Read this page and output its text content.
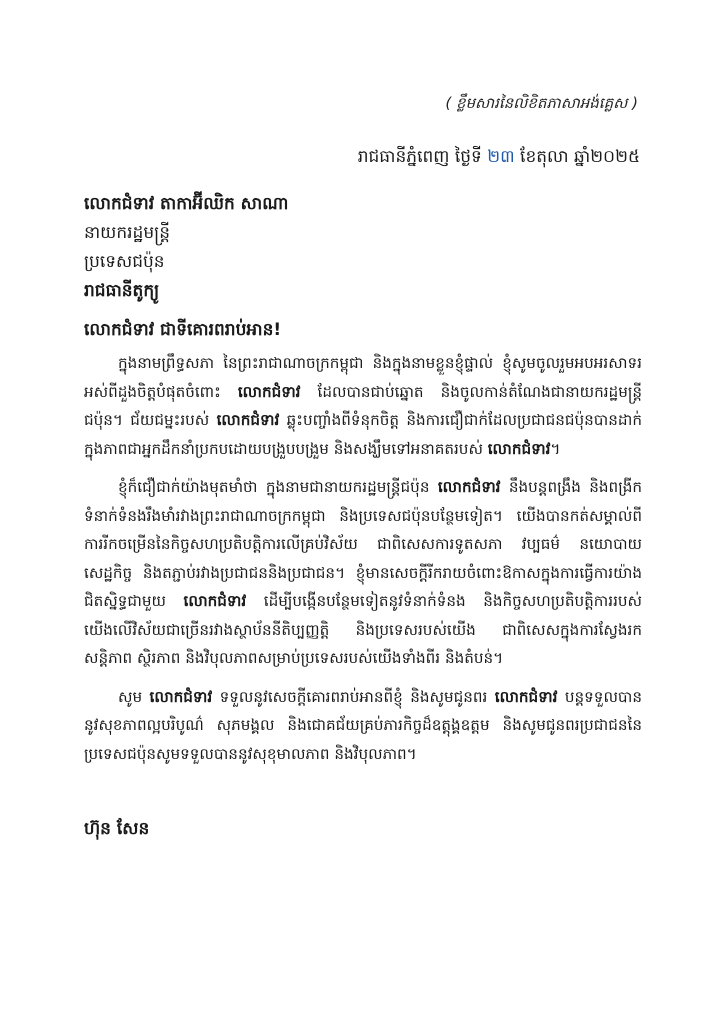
( ខ្លឹមសារនៃលិខិតភាសាអង់គ្លេស )
រាជធានីភ្នំពេញ ថ្ងៃទី ២៣ ខែតុលា ឆ្នាំ២០២៥
លោកជំទាវ តាកាអ៊ីឈិក សាណា
នាយករដ្ឋមន្ត្រី
ប្រទេសជប៉ុន
រាជធានីតូក្យូ
លោកជំទាវ ជាទីគោរពរាប់អាន!

ក្នុងនាមព្រឹទ្ធសភា នៃព្រះរាជាណាចក្រកម្ពុជា និងក្នុងនាមខ្លួនខ្ញុំផ្ទាល់ ខ្ញុំសូមចូលរួមអបអរសាទរអស់ពីដួងចិត្តបំផុតចំពោះ លោកជំទាវ ដែលបានជាប់ឆ្នោត និងចូលកាន់តំណែងជានាយករដ្ឋមន្ត្រីជប៉ុន។ ជ័យជម្នះរបស់ លោកជំទាវ ឆ្លុះបញ្ចាំងពីទំនុកចិត្ត និងការជឿជាក់ដែលប្រជាជនជប៉ុនបានដាក់ក្នុងភាពជាអ្នកដឹកនាំប្រកបដោយបង្រួបបង្រួម និងសង្ឃឹមទៅអនាគតរបស់ លោកជំទាវ។

ខ្ញុំក៏ជឿជាក់យ៉ាងមុតមាំថា ក្នុងនាមជានាយករដ្ឋមន្ត្រីជប៉ុន លោកជំទាវ នឹងបន្តពង្រឹង និងពង្រីកទំនាក់ទំនងរឹងមាំរវាងព្រះរាជាណាចក្រកម្ពុជា និងប្រទេសជប៉ុនបន្ថែមទៀត។ យើងបានកត់សម្គាល់ពីការរីកចម្រើននៃកិច្ចសហប្រតិបត្តិការលើគ្រប់វិស័យ ជាពិសេសការទូតសភា វប្បធម៌ នយោបាយ សេដ្ឋកិច្ច និងតភ្ជាប់រវាងប្រជាជននិងប្រជាជន។ ខ្ញុំមានសេចក្តីរីករាយចំពោះឱកាសក្នុងការធ្វើការយ៉ាងជិតស្និទ្ធជាមួយ លោកជំទាវ ដើម្បីបង្កើនបន្ថែមទៀតនូវទំនាក់ទំនង និងកិច្ចសហប្រតិបត្តិការរបស់យើងលើវិស័យជាច្រើនរវាងស្ថាប័ននីតិប្បញ្ញត្តិ និងប្រទេសរបស់យើង ជាពិសេសក្នុងការស្វែងរកសន្តិភាព ស្ថិរភាព និងវិបុលភាពសម្រាប់ប្រទេសរបស់យើងទាំងពីរ និងតំបន់។

សូម លោកជំទាវ ទទួលនូវសេចក្តីគោរពរាប់អានពីខ្ញុំ និងសូមជូនពរ លោកជំទាវ បន្តទទួលបាននូវសុខភាពល្អបរិបូណ៌ សុភមង្គល និងជោគជ័យគ្រប់ភារកិច្ចដ៏ឧត្តុង្គឧត្តម និងសូមជូនពរប្រជាជននៃប្រទេសជប៉ុនសូមទទួលបាននូវសុខុមាលភាព និងវិបុលភាព។

ហ៊ុន សែន
